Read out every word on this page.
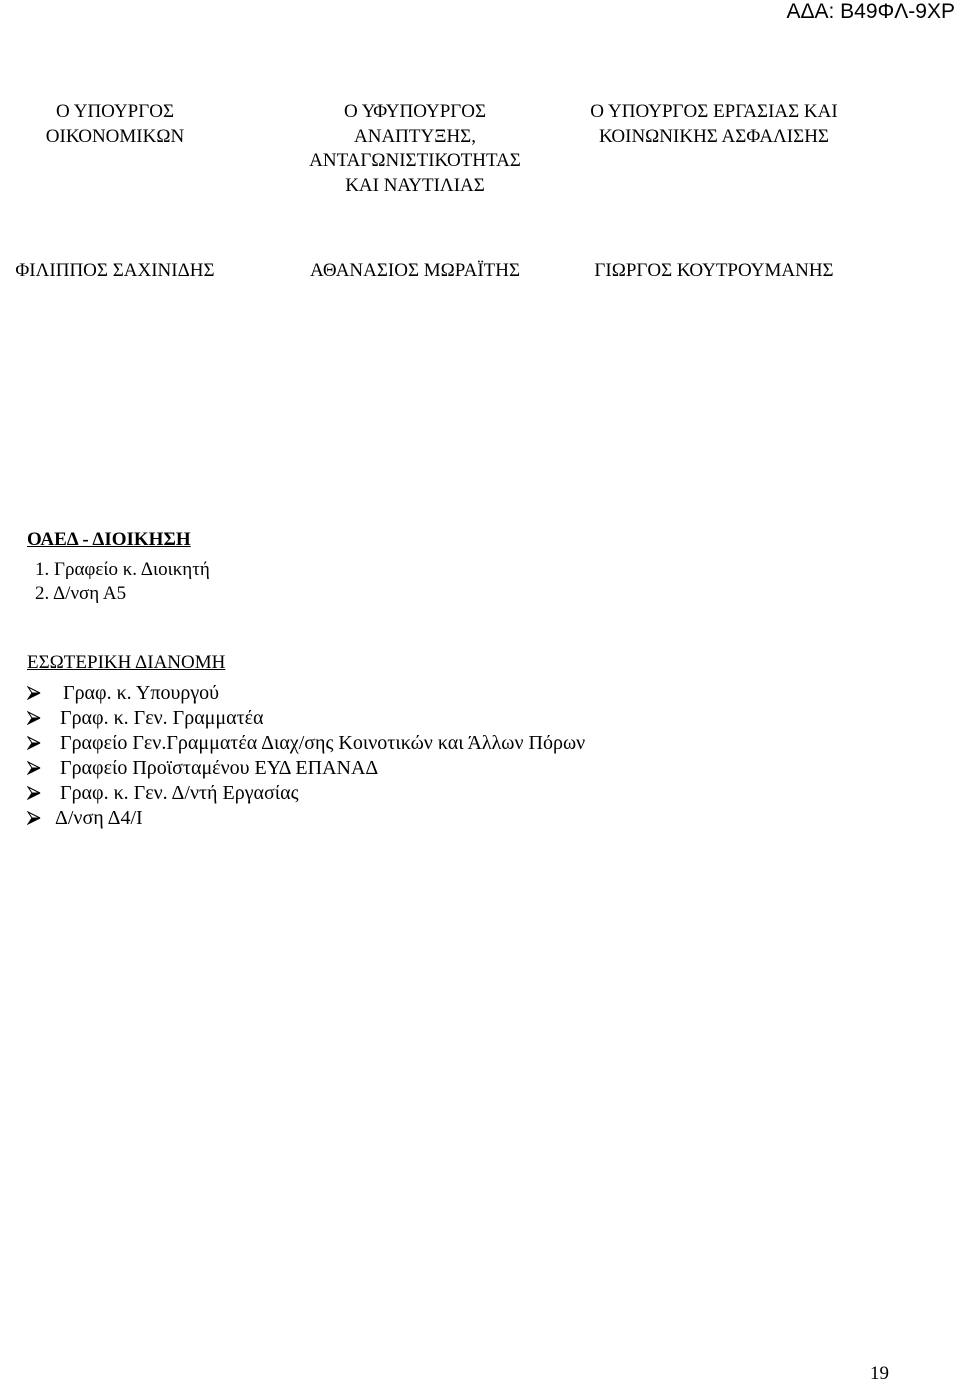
ΑΔΑ: Β49ΦΛ-9ΧΡ
Ο ΥΠΟΥΡΓΟΣ
ΟΙΚΟΝΟΜΙΚΩΝ
Ο ΥΦΥΠΟΥΡΓΟΣ
ΑΝΑΠΤΥΞΗΣ,
ΑΝΤΑΓΩΝΙΣΤΙΚΟΤΗΤΑΣ
ΚΑΙ ΝΑΥΤΙΛΙΑΣ
Ο ΥΠΟΥΡΓΟΣ ΕΡΓΑΣΙΑΣ ΚΑΙ
ΚΟΙΝΩΝΙΚΗΣ ΑΣΦΑΛΙΣΗΣ
ΦΙΛΙΠΠΟΣ ΣΑΧΙΝΙΔΗΣ	ΑΘΑΝΑΣΙΟΣ ΜΩΡΑΪΤΗΣ	ΓΙΩΡΓΟΣ ΚΟΥΤΡΟΥΜΑΝΗΣ
ΟΑΕΔ - ΔΙΟΙΚΗΣΗ
1. Γραφείο κ. Διοικητή
2. Δ/νση Α5
ΕΣΩΤΕΡΙΚΗ ΔΙΑΝΟΜΗ
Γραφ. κ. Υπουργού
Γραφ. κ. Γεν. Γραμματέα
Γραφείο Γεν.Γραμματέα Διαχ/σης Κοινοτικών και Άλλων Πόρων
Γραφείο Προϊσταμένου ΕΥΔ ΕΠΑΝΑΔ
Γραφ. κ. Γεν. Δ/ντή Εργασίας
Δ/νση Δ4/Ι
19
